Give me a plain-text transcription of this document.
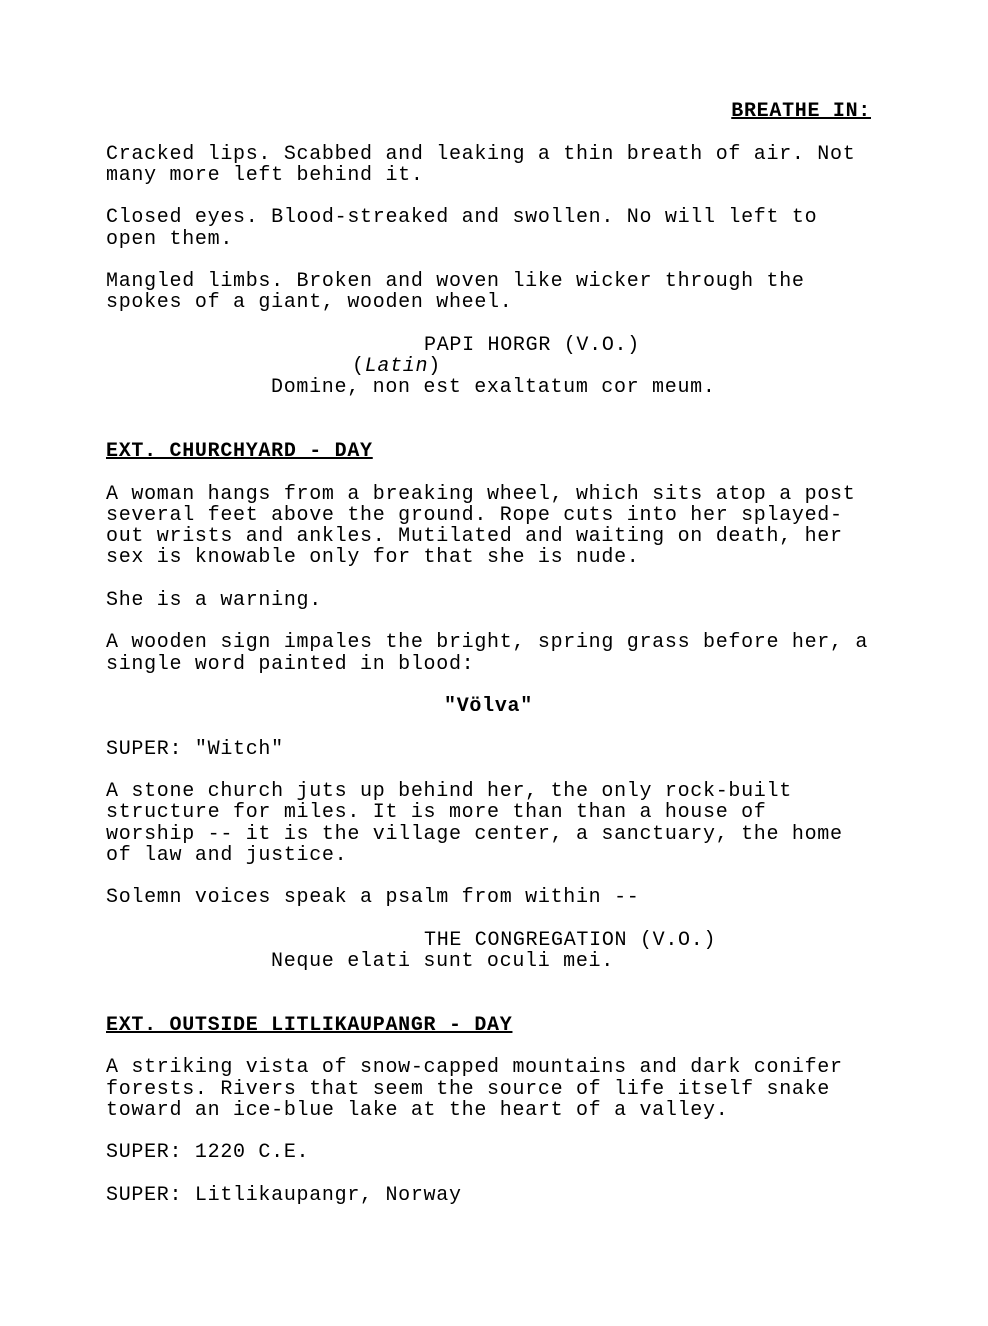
BREATHE IN:
Cracked lips. Scabbed and leaking a thin breath of air. Not
many more left behind it.
Closed eyes. Blood-streaked and swollen. No will left to
open them.
Mangled limbs. Broken and woven like wicker through the
spokes of a giant, wooden wheel.
PAPI HORGR (V.O.)
(Latin)
Domine, non est exaltatum cor meum.
EXT. CHURCHYARD - DAY
A woman hangs from a breaking wheel, which sits atop a post
several feet above the ground. Rope cuts into her splayed-
out wrists and ankles. Mutilated and waiting on death, her
sex is knowable only for that she is nude.
She is a warning.
A wooden sign impales the bright, spring grass before her, a
single word painted in blood:
"Völva"
SUPER: "Witch"
A stone church juts up behind her, the only rock-built
structure for miles. It is more than than a house of
worship -- it is the village center, a sanctuary, the home
of law and justice.
Solemn voices speak a psalm from within --
THE CONGREGATION (V.O.)
Neque elati sunt oculi mei.
EXT. OUTSIDE LITLIKAUPANGR - DAY
A striking vista of snow-capped mountains and dark conifer
forests. Rivers that seem the source of life itself snake
toward an ice-blue lake at the heart of a valley.
SUPER: 1220 C.E.
SUPER: Litlikaupangr, Norway
